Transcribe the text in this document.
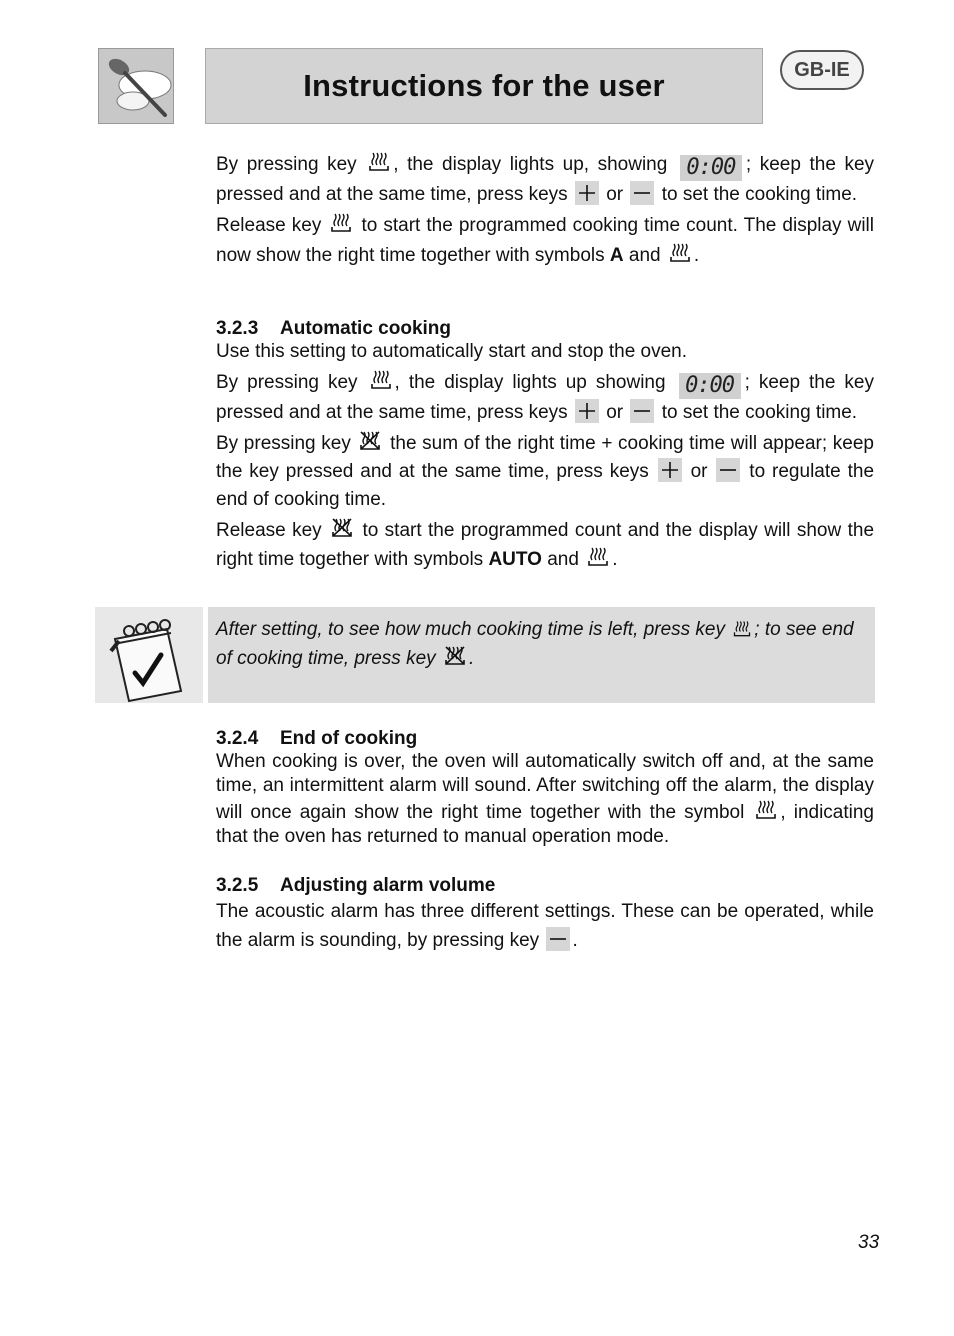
Instructions for the user	GB-IE

By pressing key , the display lights up, showing 0:00 ; keep the key pressed and at the same time, press keys or to set the cooking time.

Release key to start the programmed cooking time count. The display will now show the right time together with symbols A and .

3.2.3 Automatic cooking

Use this setting to automatically start and stop the oven.

By pressing key , the display lights up showing 0:00 ; keep the key pressed and at the same time, press keys or to set the cooking time.

By pressing key the sum of the right time + cooking time will appear; keep the key pressed and at the same time, press keys or to regulate the end of cooking time.

Release key to start the programmed count and the display will show the right time together with symbols AUTO and .

After setting, to see how much cooking time is left, press key ; to see end of cooking time, press key .

3.2.4 End of cooking

When cooking is over, the oven will automatically switch off and, at the same time, an intermittent alarm will sound. After switching off the alarm, the display will once again show the right time together with the symbol , indicating that the oven has returned to manual operation mode.

3.2.5 Adjusting alarm volume

The acoustic alarm has three different settings. These can be operated, while the alarm is sounding, by pressing key .

33
